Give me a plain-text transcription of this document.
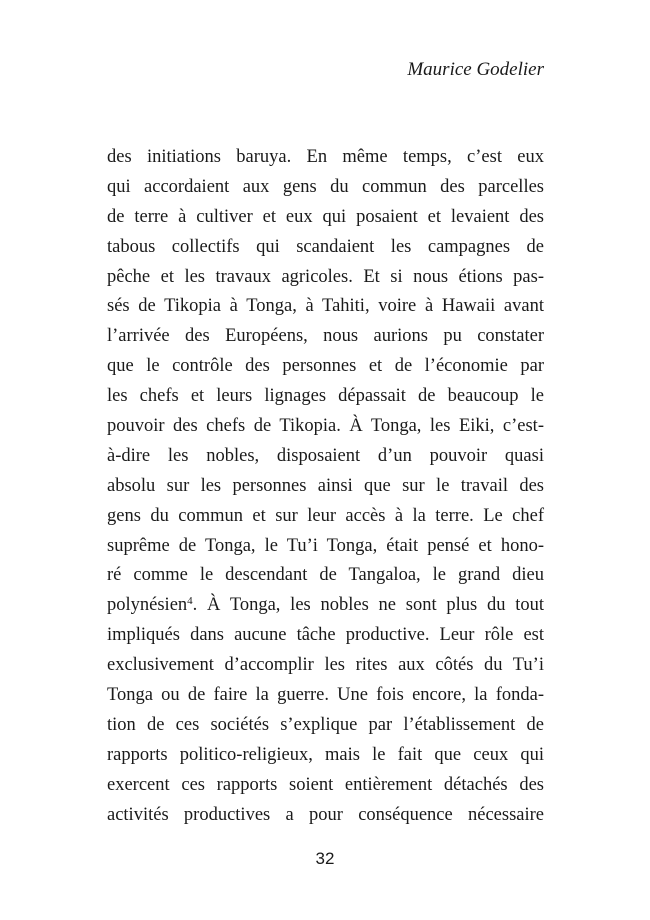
Maurice Godelier
des initiations baruya. En même temps, c’est eux
qui accordaient aux gens du commun des parcelles
de terre à cultiver et eux qui posaient et levaient des
tabous collectifs qui scandaient les campagnes de
pêche et les travaux agricoles. Et si nous étions pas-
sés de Tikopia à Tonga, à Tahiti, voire à Hawaii avant
l’arrivée des Européens, nous aurions pu constater
que le contrôle des personnes et de l’économie par
les chefs et leurs lignages dépassait de beaucoup le
pouvoir des chefs de Tikopia. À Tonga, les Eiki, c’est-
à-dire les nobles, disposaient d’un pouvoir quasi
absolu sur les personnes ainsi que sur le travail des
gens du commun et sur leur accès à la terre. Le chef
suprême de Tonga, le Tu’i Tonga, était pensé et hono-
ré comme le descendant de Tangaloa, le grand dieu
polynésien$^4$. À Tonga, les nobles ne sont plus du tout
impliqués dans aucune tâche productive. Leur rôle est
exclusivement d’accomplir les rites aux côtés du Tu’i
Tonga ou de faire la guerre. Une fois encore, la fonda-
tion de ces sociétés s’explique par l’établissement de
rapports politico-religieux, mais le fait que ceux qui
exercent ces rapports soient entièrement détachés des
activités productives a pour conséquence nécessaire
32
